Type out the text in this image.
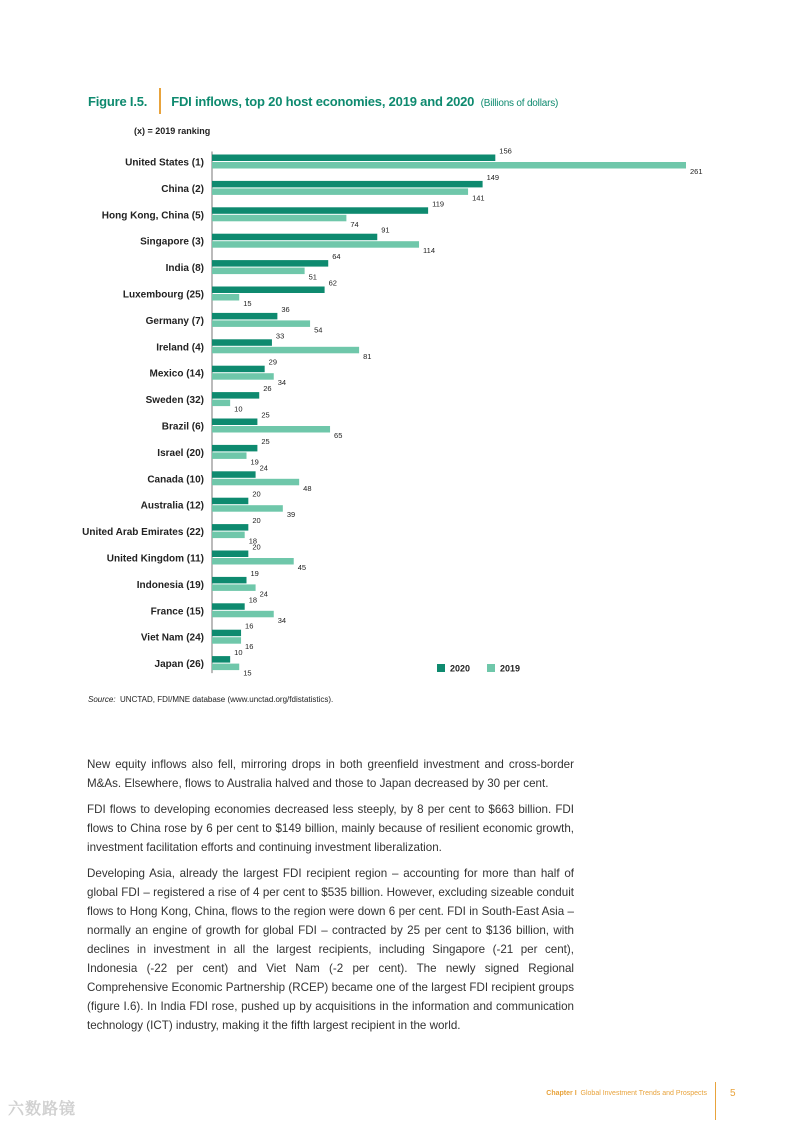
Figure I.5. FDI inflows, top 20 host economies, 2019 and 2020 (Billions of dollars)
(x) = 2019 ranking
United States (1)
156
261
China (2)
149
141
Hong Kong, China (5)
119
74
Singapore (3)
91
114
India (8)
64
51
Luxembourg (25)
62
15
Germany (7)
36
54
Ireland (4)
33
81
Mexico (14)
29
34
Sweden (32)
26
10
Brazil (6)
25
65
Israel (20)
25
19
Canada (10)
24
48
Australia (12)
20
39
United Arab Emirates (22)
20
18
United Kingdom (11)
20
45
Indonesia (19)
19
24
France (15)
18
34
Viet Nam (24)
16
16
Japan (26)
10
15	2020	2019
Source: UNCTAD, FDI/MNE database (www.unctad.org/fdistatistics).

New equity inflows also fell, mirroring drops in both greenfield investment and cross-border M&As. Elsewhere, flows to Australia halved and those to Japan decreased by 30 per cent.

FDI flows to developing economies decreased less steeply, by 8 per cent to $663 billion. FDI flows to China rose by 6 per cent to $149 billion, mainly because of resilient economic growth, investment facilitation efforts and continuing investment liberalization.

Developing Asia, already the largest FDI recipient region – accounting for more than half of global FDI – registered a rise of 4 per cent to $535 billion. However, excluding sizeable conduit flows to Hong Kong, China, flows to the region were down 6 per cent. FDI in South-East Asia – normally an engine of growth for global FDI – contracted by 25 per cent to $136 billion, with declines in investment in all the largest recipients, including Singapore (-21 per cent), Indonesia (-22 per cent) and Viet Nam (-2 per cent). The newly signed Regional Comprehensive Economic Partnership (RCEP) became one of the largest FDI recipient groups (figure I.6). In India FDI rose, pushed up by acquisitions in the information and communication technology (ICT) industry, making it the fifth largest recipient in the world.

Chapter I Global Investment Trends and Prospects 5
六数路镜
